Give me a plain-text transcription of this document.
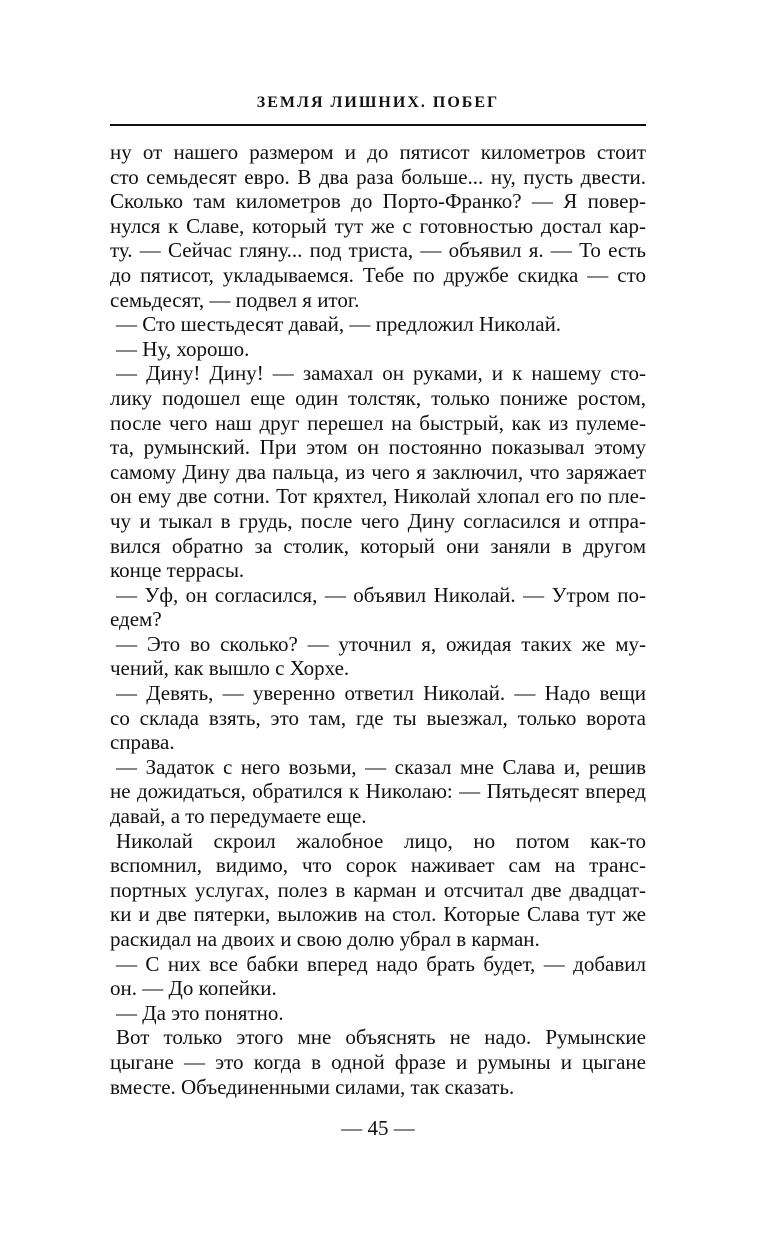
ЗЕМЛЯ ЛИШНИХ. ПОБЕГ
ну от нашего размером и до пятисот километров стоит
сто семьдесят евро. В два раза больше... ну, пусть двести.
Сколько там километров до Порто-Франко? — Я повер-
нулся к Славе, который тут же с готовностью достал кар-
ту. — Сейчас гляну... под триста, — объявил я. — То есть
до пятисот, укладываемся. Тебе по дружбе скидка — сто
семьдесят, — подвел я итог.
— Сто шестьдесят давай, — предложил Николай.
— Ну, хорошо.
— Дину! Дину! — замахал он руками, и к нашему сто-
лику подошел еще один толстяк, только пониже ростом,
после чего наш друг перешел на быстрый, как из пулеме-
та, румынский. При этом он постоянно показывал этому
самому Дину два пальца, из чего я заключил, что заряжает
он ему две сотни. Тот кряхтел, Николай хлопал его по пле-
чу и тыкал в грудь, после чего Дину согласился и отпра-
вился обратно за столик, который они заняли в другом
конце террасы.
— Уф, он согласился, — объявил Николай. — Утром по-
едем?
— Это во сколько? — уточнил я, ожидая таких же му-
чений, как вышло с Хорхе.
— Девять, — уверенно ответил Николай. — Надо вещи
со склада взять, это там, где ты выезжал, только ворота
справа.
— Задаток с него возьми, — сказал мне Слава и, решив
не дожидаться, обратился к Николаю: — Пятьдесят вперед
давай, а то передумаете еще.
Николай скроил жалобное лицо, но потом как-то
вспомнил, видимо, что сорок наживает сам на транс-
портных услугах, полез в карман и отсчитал две двадцат-
ки и две пятерки, выложив на стол. Которые Слава тут же
раскидал на двоих и свою долю убрал в карман.
— С них все бабки вперед надо брать будет, — добавил
он. — До копейки.
— Да это понятно.
Вот только этого мне объяснять не надо. Румынские
цыгане — это когда в одной фразе и румыны и цыгане
вместе. Объединенными силами, так сказать.
— 45 —
